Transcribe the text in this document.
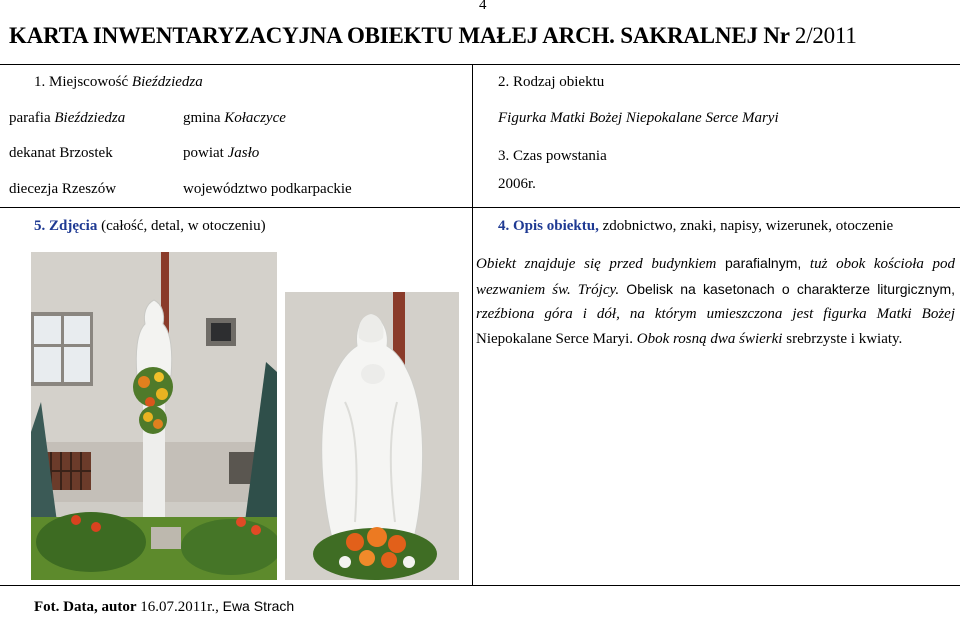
4
KARTA INWENTARYZACYJNA OBIEKTU MAŁEJ ARCH. SAKRALNEJ Nr 2/2011
1. Miejscowość Bieździedza
parafia Bieździedza	gmina Kołaczyce
dekanat Brzostek	powiat Jasło
diecezja Rzeszów	województwo podkarpackie
2. Rodzaj obiektu
Figurka Matki Bożej Niepokalane Serce Maryi
3. Czas powstania
2006r.
5. Zdjęcia (całość, detal, w otoczeniu)	4. Opis obiektu, zdobnictwo, znaki, napisy, wizerunek, otoczenie
Obiekt znajduje się przed budynkiem parafialnym, tuż obok kościoła pod wezwaniem św. Trójcy. Obelisk na kasetonach o charakterze liturgicznym, rzeźbiona góra i dół, na którym umieszczona jest figurka Matki Bożej Niepokalane Serce Maryi. Obok rosną dwa świerki srebrzyste i kwiaty.
Fot. Data, autor 16.07.2011r., Ewa Strach
